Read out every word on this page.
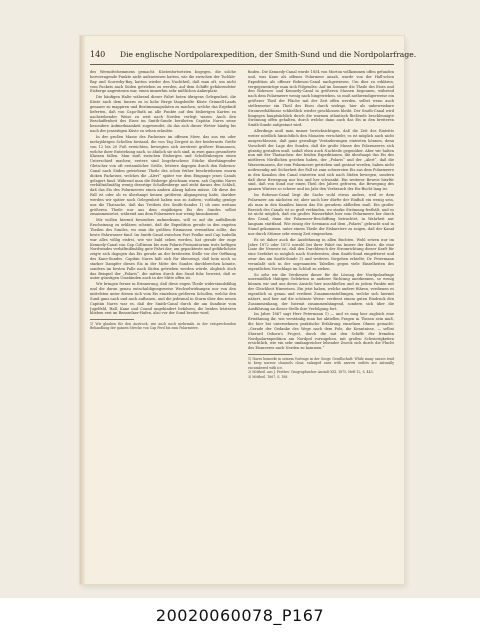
140 Die englische Nordpolarexpedition, der Smith-Sund und die Nordpolarfrage.

des Wermittelsemmens gemacht. Küstenfortsetzten bogegen, die solche hervorragende Punkte nicht aufzuweisen hatten, wie die zwischen der Tschkle-Bay und Scoresby-Bay, hatten wieder den Nachtheil, daß man oft, um nicht vom Packeis nach Süden getrieben zu werden, auf dem Schiffe gefahrendster Eisberge angewiesen war, einen immerhin sehr mißlichen Ankerplatz.

Die häufigen Halte während dieser Fahrt boten übrigens Gelegenheit, die Küste nach dem Innern zu in hohe Berge längsheilte Küste Grinnell-Lands genauer zu mappiren und Bestimmungsdaten zu machen, welche das Ergebniß lieferten, daß von Capo-Bath an alle Punkte auf den bisherigen Karten zu nachstehender Weise zu weit nach Norden verlegt waren. Auch den Beschaffenheit des Eises im Smith-Sunde berührten Capitän Nares seine besondere Aufmerksamkeit zugewendet, da das sich dieser Wetter häufig bis nach der jenseitigen Küste zu sehen erlaubte.

In der großen Masse des Packeises im offenen Meer, das aus ein oder mehrjährigen Schollen bestand, die von Tag Zergest in der beiderseits Größe von 12 bis 20 Fuß erreichten, bewegten sich zerstreut größere Eismassen, welche ihrer Entstehung nach, so ähnlich sie sich sind, in zwei ganz gesonderte Klassen fallen. Man muß zwischen Eisbergen und Schollenbergen einen Unterschied machen; erstere sind losgebrochene Stücke überhängender Gletscher von oft erstaunlicher Größe, letztere dagegen durch den Robeson-Canal nach Süden getriebene Theile des schon früher beschriebenen enorm dicken Packeises, welches die „Alert“ später vor dem Eingange jenes Canals gelagert fand. Während man die Eisberge gleichsam warm, sah Capitän Nares verhältnißmäßig wenig derartige Schollenberge und zieht daraus den Schluß, daß das Eis des Polarmeeres einen andern Abzug haben müsse. Ob diese der Fall ist oder ob es überhaupt keinen größeren Abgangsweg habe, darüber werden wir später noch Gelegenheit haben uns zu äußern; vorläufig genüge uns die Thatsache, daß das Treibeis des Smith-Sundes 1) ob zum weitaus größeren Theile nur aus dem einjährigen Eis des Sundes selbst zusammensetzt, während aus dem Polarmeere nur wenig hinzukommt.

Mir wollen hiermit besonders aufmerksam, will es auf die auffallende Erscheinung zu erklären scheint, daß die Expedition gerade in den engsten Theilen des Sundes, wo man die größten Eismassen vermuthen sollte, das beste Fahrwasser fand. Im Smith-Canal zwischen Port Foulke und Cap Isabella war alles völlig eisfrei, wie wir bald sehen werden, hat gerade der enge Kennedy-Canal von Cap Collinson bis zum Polaris-Promontorium trotz heftigen Nordwindes verhältnißmäßig gute Fahrt dar; am gepackteste und gefährlichste zeigte sich dagegen das Eis gerade an der breitesten Stelle vor der Oeffnung des Kane-Sundes. Capitän Nares hält sich für überzeugt, daß kein noch so starker Dampfer dieses Eis in der Mitte des Sundes durchbrechen könnte, sondern im besten Falle nach Süden getrieben werden würde, obgleich doch das Beispiel der „Polaris“, die mitten durch den Sund fuhr, beweist, daß er unter günstigen Umständen auch in der Mitte offen ist.

Wir bringen ferner in Erinnerung, daß diese engen Theile widerstandsfähig und die daran genau entschuldigungsweise Wechselwirkungen nur von den mittelsten unter diesen sich vom Eis einzelnen größeren Schollen, welche den Sund ganz nach und nach aufbauen, und die jedesmal in Sturm über den neuen Capitän Nares war es, daß der Smith-Canal durch die am Sundinie vom Jugelfeld, Hall, Kane und Cound ungehindert befahren; die beiden letzteren blieben erst im Rensselaer-Hafen, also vor der Sund breiter wird.

1) Wir glauben für den Austrock, wie auch noch mehrmals, in der entsprechenden Behandlung der ganzen Strecke von Cap Ferd bis zum Polarmeere.

finden. Die Kennedy-Canal wurde 1854 von Morton vollkommen offen gefunden und, was Kane als offenes Polarmeer ansah, wurde von der Hall'schen Expedition als offener Robeson-Canal nachgewiesen. Um dies zu erklären, vergegenwärtige man sich Folgendes: Auf im Sommer die Theile des Eises und den Robeson- und Kennedy-Canal in größeren Massen begonnen, während nach dem Polarmeere wenig nach hingetrieben, so muß nothwendigerweise ein größerer Theil der Fläche mit der Zeit offen werden, selbst wenn auch stellenweise ein Theil des Eises durch widrige, hier als unbeweisbare Stromverhältnisse schließlich wieder geschlossen bleibt. Der Smith-Canal wird hingegen hauptsächlich durch die warmen atlantisch fließende beschleunigte Strömung offen gehalten, durch welche dann auch das Eis in den breiteren Smith-Sunde aufgestaut wird.

Allerdings muß man immer berücksichtigen, daß die Zeit des Eintritts weiter nördlich hinsichtlich den Monaten verschiebt; es ist möglich auch nicht ausgeschlossen, daß ganz gewaltige Veränderungen eintreten können, denn Vorschrift der Lage des Sundes, daß die große Masse des Polarmeeres sich günstig gestalten muß, sodaß eben auch Nachteile gegenüber. Aber wir halten nun mit der Thatsachen: der beiden Expeditionen, die überhaupt das Eis des mittleren Nördlichen gesehen haben, der „Polaris“ und der „Alert“, daß die Wassermassen, die vom Polarmeere getrieben und gestaut werden, haben nicht nothwendig mit Sicherheit der Fall ist zum schwersten Eis aus dem Polarmeere in den Kanalen den Canal eintreten und sich nach Süden bewegen, sondern daß diese Bewegung nur hin und her schwankt. Ein weiterer Beweis hierfür sind, daß von Sund nur einen Theil des Jahres gefroren, die Bewegung des ganzen Winters so schwer und im Jahr den Verbrauch der Eis-Bucht lang ist.

Im Robeson-Canal liegt die Sache wohl etwas anders, weil er dem Polarmeer am nächsten ist; aber auch hier dürfte der Einfluß ein wenig sein, als man in den Kanälen hinein das Eis geradezu abfließen muß. Ein großer Bereich des Canals ist so groß verbinden, wo starke Strömung festhält, und es ist nicht möglich, daß ein großes Wasserfahrt hier vom Polarmeere her durch den Canal, dann der Polarmeer-Beschiffung betrachtet, in Wahrheit nur langsam stattfand. Wie einzig der Seemann auf dem „Polaris“ gebracht und in Stand gekommen, unter einem Theile der Eisbarriere zu zeigen, daß der Kanal nur durch Stürme sehr wenig Zeit eingesehen.

Es ist daher auch die Ausdehnung in allen Buchten. Wohl setzen nur im Jahre 1872 oder 1873 sowohl bei ihrer Fahrt ins Innere der Küste, die eine Linie die Neueste ist, daß den Durchbruch der Stromrichtung dieser Kraft für eine Seefahrt so möglich nach Nordwesten, dem Smith-Sund eingefrieret und zwar das am Smith-Sunde 3) und weiteres Vorgehen erhielte; Dr. Petermann veranlaßt sich in der sogenannten Tabellen gegen viele Einzelheiten des eigentlichen Vorschlage im Schluß zu ziehen.

So sehr wir die Verdienste dieser für die Lösung der Nordpolarfrage unermüdlich thätigen Gelehrten in anderer Richtung anerkennen, so wenig können wir und uns deren Ansicht hier anschließen und zu jedem Punkte mit der Gleichheit Hinweisen. Ein jetzt haben, welche andere führen, verdienen es eigentlich so genau und verdient Zusammenstellungen, welche sich hiermit nähert, und hier auf die schönste Weise: verdient einem guten Eindruck den Zusammenhang, der hiermit zusammenhängend, sondern sich über die Ausführung an dieser Stelle ihre Verfolgung fort.

Im Jahre 1867 sagt Herr Petermann 1) — und es mag hier zugleich eine Erwähnung ihr, wie verständig man bei aktiellen Fragen in Thesen sein muß, die hier bei unternehmen praktische Erfahrung einzelnen Ohnen gemacht: „Gerade der Gedanke des Wege nach dem Pole, die Kenntnisse, — selbst Sherard Osborn's Project, durch die mit den Schiffe der fremden Nordpolarexpedition am Nordpol vorzugehen, mit großen Schwierigkeiten ersichtlich, wie ein sehr umfangreicher lebender Zweck sich durch die Flucht des Eismeeres nach Norden zu kommen.“

1) Nares bemerkt in seinem Vortrage in der Geogr. Gesellschaft: While many causes tend to keep narrow channels clear, enlarged ones with narrow outlets are naturally encumbered with ice.
2) Mittheil. aus J. Perthes' Geographischer Anstalt XXI, 1875, Heft 12, S. 443.
3) Mittheil. 1867, S. 188.
20020060078_P167
